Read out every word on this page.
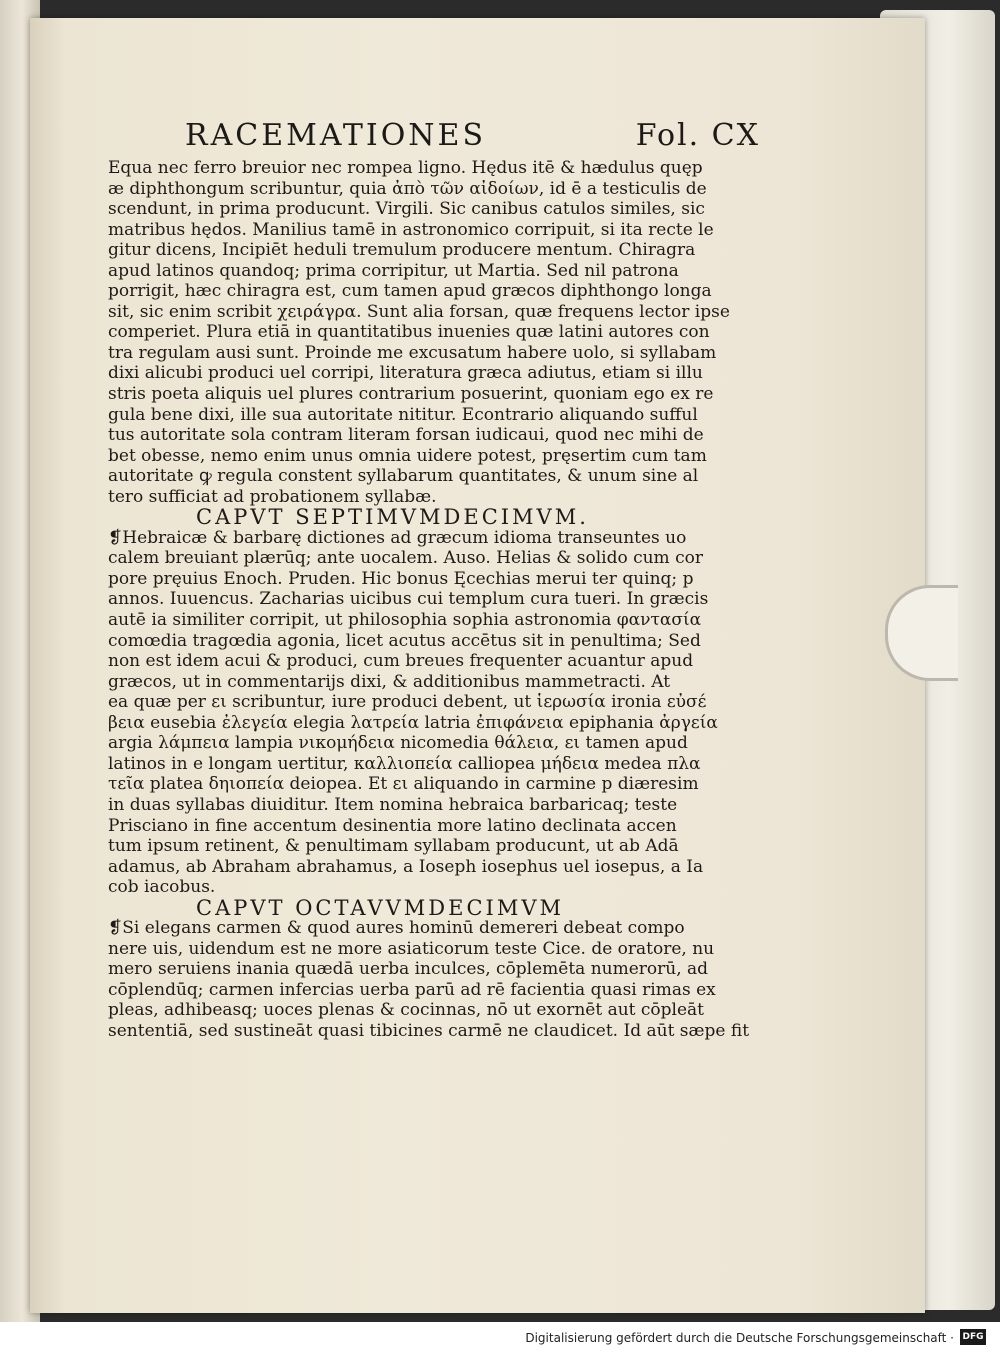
RACEMATIONES	Fol. CX
Equa nec ferro breuior nec rompea ligno. Hędus itē & hædulus quęp
æ diphthongum scribuntur, quia ἀπὸ τῶν αἰδοίων, id ē a testiculis de
scendunt, in prima producunt. Virgili. Sic canibus catulos similes, sic
matribus hędos. Manilius tamē in astronomico corripuit, si ita recte le
gitur dicens, Incipiēt heduli tremulum producere mentum. Chiragra
apud latinos quandoq; prima corripitur, ut Martia. Sed nil patrona
porrigit, hæc chiragra est, cum tamen apud græcos diphthongo longa
sit, sic enim scribit χειράγρα. Sunt alia forsan, quæ frequens lector ipse
comperiet. Plura etiā in quantitatibus inuenies quæ latini autores con
tra regulam ausi sunt. Proinde me excusatum habere uolo, si syllabam
dixi alicubi produci uel corripi, literatura græca adiutus, etiam si illu
stris poeta aliquis uel plures contrarium posuerint, quoniam ego ex re
gula bene dixi, ille sua autoritate nititur. Econtrario aliquando sufful
tus autoritate sola contram literam forsan iudicaui, quod nec mihi de
bet obesse, nemo enim unus omnia uidere potest, pręsertim cum tam
autoritate ꝙ regula constent syllabarum quantitates, & unum sine al
tero sufficiat ad probationem syllabæ.
CAPVT SEPTIMVMDECIMVM.
❡Hebraicæ & barbarę dictiones ad græcum idioma transeuntes uo
calem breuiant plærūq; ante uocalem. Auso. Helias & solido cum cor
pore pręuius Enoch. Pruden. Hic bonus Ęcechias merui ter quinq; p
annos. Iuuencus. Zacharias uicibus cui templum cura tueri. In græcis
autē ia similiter corripit, ut philosophia sophia astronomia φαντασία
comœdia tragœdia agonia, licet acutus accētus sit in penultima; Sed
non est idem acui & produci, cum breues frequenter acuantur apud
græcos, ut in commentarijs dixi, & additionibus mammetracti. At
ea quæ per ει scribuntur, iure produci debent, ut ἱερωσία ironia εὐσέ
βεια eusebia ἐλεγεία elegia λατρεία latria ἐπιφάνεια epiphania ἀργεία
argia λάμπεια lampia νικομήδεια nicomedia θάλεια, ει tamen apud
latinos in e longam uertitur, καλλιοπεία calliopea μήδεια medea πλα
τεῖα platea δηιοπεία deiopea. Et ει aliquando in carmine p diæresim
in duas syllabas diuiditur. Item nomina hebraica barbaricaq; teste
Prisciano in fine accentum desinentia more latino declinata accen
tum ipsum retinent, & penultimam syllabam producunt, ut ab Adā
adamus, ab Abraham abrahamus, a Ioseph iosephus uel iosepus, a Ia
cob iacobus.
CAPVT OCTAVVMDECIMVM
❡Si elegans carmen & quod aures hominū demereri debeat compo
nere uis, uidendum est ne more asiaticorum teste Cice. de oratore, nu
mero seruiens inania quædā uerba inculces, cōplemēta numerorū, ad
cōplendūq; carmen infercias uerba parū ad rē facientia quasi rimas ex
pleas, adhibeasq; uoces plenas & cocinnas, nō ut exornēt aut cōpleāt
sententiā, sed sustineāt quasi tibicines carmē ne claudicet. Id aūt sæpe fit
Digitalisierung gefördert durch die Deutsche Forschungsgemeinschaft · DFG
